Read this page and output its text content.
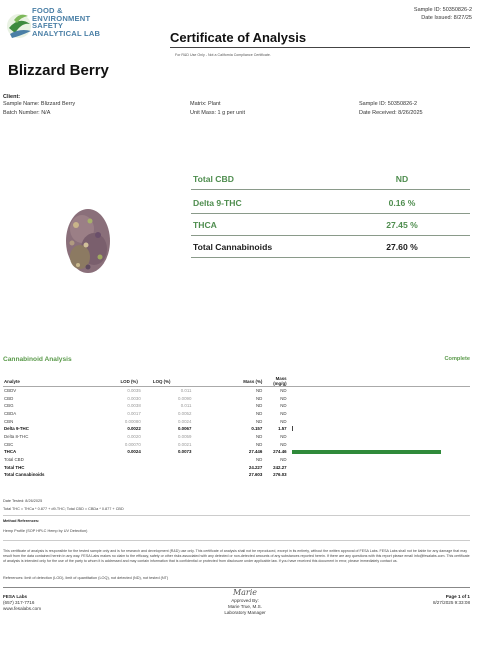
FOOD &
ENVIRONMENT
SAFETY
ANALYTICAL LAB
Sample ID: 50350826-2
Date Issued: 8/27/25
Certificate of Analysis
For R&D Use Only - Not a California Compliance Certificate.
Blizzard Berry
Client:
Sample Name: Blizzard Berry
Batch Number: N/A
Matrix: Plant
Unit Mass: 1 g per unit
Sample ID: 50350826-2
Date Received: 8/26/2025
Total CBD	ND
Delta 9-THC	0.16 %
THCA	27.45 %
Total Cannabinoids	27.60 %
Cannabinoid Analysis	Complete
Analyte	LOD (%)		LOQ (%)	Mass (%)	Mass (mg/g)	
CBDV	0.0035		0.011	ND	ND	
CBD	0.0030		0.0090	ND	ND	
CBG	0.0038		0.011	ND	ND	
CBDA	0.0017		0.0052	ND	ND	
CBN	0.00080		0.0024	ND	ND	
Delta 9-THC	0.0022		0.0067	0.157	1.57	

Delta 8-THC	0.0020		0.0059	ND	ND	
CBC	0.00070		0.0021	ND	ND	
THCA	0.0024		0.0073	27.446	274.46	

Total CBD				ND	ND	
Total THC				24.227	242.27	
Total Cannabinoids				27.603	276.03	
Date Tested: 8/26/2025
Total THC = THCa * 0.877 + d9-THC; Total CBD = CBDa * 0.877 + CBD
Method References:
Hemp Profile (SOP HPLC Hemp by UV Detection)
This certificate of analysis is responsible for the tested sample only and is for research and development (R&D) use only. This certificate of analysis shall not be reproduced, except in its entirety, without the written approval of FESA Labs. FESA Labs shall not be liable for any damage that may result from the data contained herein in any way. FESA Labs makes no claim to the efficacy, safety or other risks associated with any detected or non-detected amounts of any substances reported herein. If there are any questions with this report please email info@fesalabs.com. This certificate of analysis is intended only for the use of the party to whom it is addressed and may contain information that is confidential or protected from disclosure under applicable law. If you have received this document in error, please immediately contact us.
References: limit of detection (LOD), limit of quantitation (LOQ), not detected (ND), not tested (NT)
FESA Labs
(657) 317-7716
www.fesalabs.com
Marie
Approved By:
Marie True, M.S.
Laboratory Manager
Page 1 of 1
8/27/2025 9:33:08
